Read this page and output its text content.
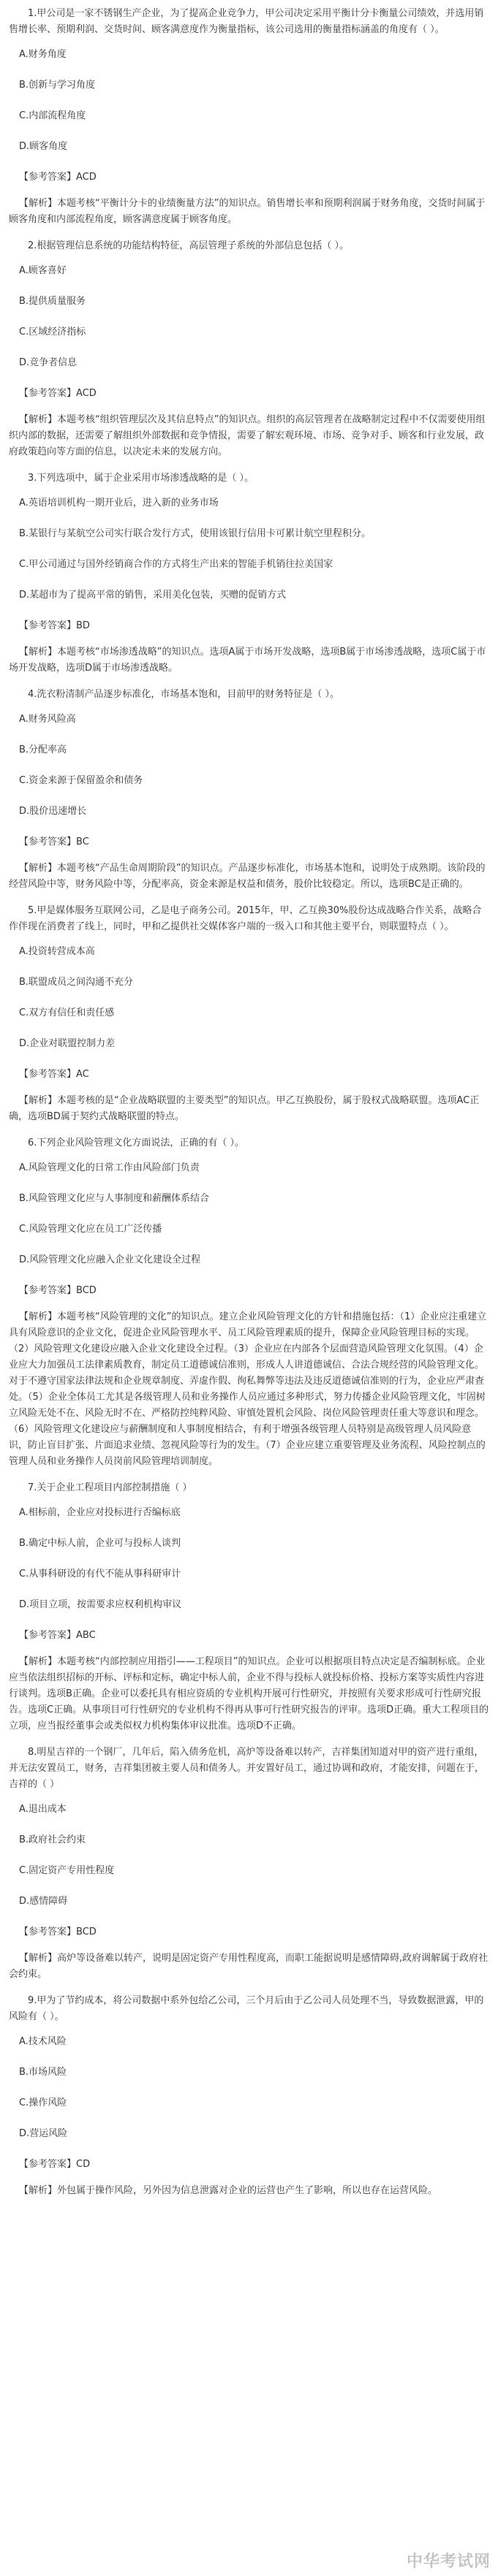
1.甲公司是一家不锈钢生产企业，为了提高企业竞争力，甲公司决定采用平衡计分卡衡量公司绩效，并选用销售增长率、预期利润、交货时间、顾客满意度作为衡量指标，该公司选用的衡量指标涵盖的角度有（ ）。

A.财务角度

B.创新与学习角度

C.内部流程角度

D.顾客角度

【参考答案】ACD

【解析】本题考核“平衡计分卡的业绩衡量方法”的知识点。销售增长率和预期利润属于财务角度，交货时间属于顾客角度和内部流程角度，顾客满意度属于顾客角度。

2.根据管理信息系统的功能结构特征，高层管理子系统的外部信息包括（ ）。

A.顾客喜好

B.提供质量服务

C.区域经济指标

D.竞争者信息

【参考答案】ACD

【解析】本题考核“组织管理层次及其信息特点”的知识点。组织的高层管理者在战略制定过程中不仅需要使用组织内部的数据，还需要了解组织外部数据和竞争情报，需要了解宏观环境、市场、竞争对手、顾客和行业发展，政府政策趋向等方面的信息，以决定未来的发展方向。

3.下列选项中，属于企业采用市场渗透战略的是（ ）。

A.英语培训机构一期开业后，进入新的业务市场

B.某银行与某航空公司实行联合发行方式，使用该银行信用卡可累计航空里程积分。

C.甲公司通过与国外经销商合作的方式将生产出来的智能手机销往拉美国家

D.某超市为了提高平常的销售，采用美化包装，买赠的促销方式

【参考答案】BD

【解析】本题考核“市场渗透战略”的知识点。选项A属于市场开发战略，选项B属于市场渗透战略，选项C属于市场开发战略，选项D属于市场渗透战略。

4.洗衣粉清制产品逐步标准化，市场基本饱和，目前甲的财务特征是（ ）。

A.财务风险高

B.分配率高

C.资金来源于保留盈余和债务

D.股价迅速增长

【参考答案】BC

【解析】本题考核“产品生命周期阶段”的知识点。产品逐步标准化，市场基本饱和，说明处于成熟期。该阶段的经营风险中等，财务风险中等，分配率高，资金来源是权益和债务，股价比较稳定。所以，选项BC是正确的。

5.甲是媒体服务互联网公司，乙是电子商务公司。2015年，甲、乙互换30%股份达成战略合作关系，战略合作伴现在消费者了线上，同时，甲和乙提供社交媒体客户端的一级入口和其他主要平台，则联盟特点（ ）。

A.投资转营成本高

B.联盟成员之间沟通不充分

C.双方有信任和责任感

D.企业对联盟控制力差

【参考答案】AC

【解析】本题考核的是“企业战略联盟的主要类型”的知识点。甲乙互换股份，属于股权式战略联盟。选项AC正确，选项BD属于契约式战略联盟的特点。

6.下列企业风险管理文化方面说法，正确的有（ ）。

A.风险管理文化的日常工作由风险部门负责

B.风险管理文化应与人事制度和薪酬体系结合

C.风险管理文化应在员工广泛传播

D.风险管理文化应融入企业文化建设全过程

【参考答案】BCD

【解析】本题考核“风险管理的文化”的知识点。建立企业风险管理文化的方针和措施包括：（1）企业应注重建立具有风险意识的企业文化，促进企业风险管理水平、员工风险管理素质的提升，保障企业风险管理目标的实现。（2）风险管理文化建设应融入企业文化建设全过程。（3）企业应在内部各个层面营造风险管理文化氛围。（4）企业应大力加强员工法律素质教育，制定员工道德诚信准则，形成人人讲道德诚信、合法合规经营的风险管理文化。对于不遵守国家法律法规和企业规章制度、弄虚作假、徇私舞弊等违法及违反道德诚信准则的行为，企业应严肃查处。（5）企业全体员工尤其是各级管理人员和业务操作人员应通过多种形式，努力传播企业风险管理文化，牢固树立风险无处不在、风险无时不在、严格防控纯粹风险、审慎处置机会风险、岗位风险管理责任重大等意识和理念。（6）风险管理文化建设应与薪酬制度和人事制度相结合，有利于增强各级管理人员特别是高级管理人员风险意识，防止盲目扩张、片面追求业绩、忽视风险等行为的发生。（7）企业应建立重要管理及业务流程、风险控制点的管理人员和业务操作人员岗前风险管理培训制度。

7.关于企业工程项目内部控制措施（ ）

A.相标前，企业应对投标进行否编标底

B.确定中标人前，企业可与投标人谈判

C.从事科研设的有代不能从事科研审计

D.项目立项，按需要求应权利机构审议

【参考答案】ABC

【解析】本题考核“内部控制应用指引——工程项目”的知识点。企业可以根据项目特点决定是否编制标底。企业应当依法组织招标的开标、评标和定标，确定中标人前，企业不得与投标人就投标价格、投标方案等实质性内容进行谈判。选项B正确。企业可以委托具有相应资质的专业机构开展可行性研究，并按照有关要求形成可行性研究报告。选项C正确。从事项目可行性研究的专业机构不得再从事可行性研究报告的评审。选项D正确。重大工程项目的立项，应当报经董事会或类似权力机构集体审议批准。选项D不正确。

8.明星吉祥的一个钢厂，几年后，陷入债务危机，高炉等设备难以转产，吉祥集团知道对甲的资产进行重组，并无法安置员工，财务，吉祥集团被主要人员和债务人。并安置好员工，通过协调和政府，才能安排，问题在于，吉祥的（ ）

A.退出成本

B.政府社会约束

C.固定资产专用性程度

D.感情障碍

【参考答案】BCD

【解析】高炉等设备难以转产，说明是固定资产专用性程度高，而职工能据说明是感情障碍,政府调解属于政府社会约束。

9.甲为了节约成本，将公司数据中系外包给乙公司，三个月后由于乙公司人员处理不当，导致数据泄露，甲的风险有（ ）。

A.技术风险

B.市场风险

C.操作风险

D.营运风险

【参考答案】CD

【解析】外包属于操作风险，另外因为信息泄露对企业的运营也产生了影响，所以也存在运营风险。

中华考试网
